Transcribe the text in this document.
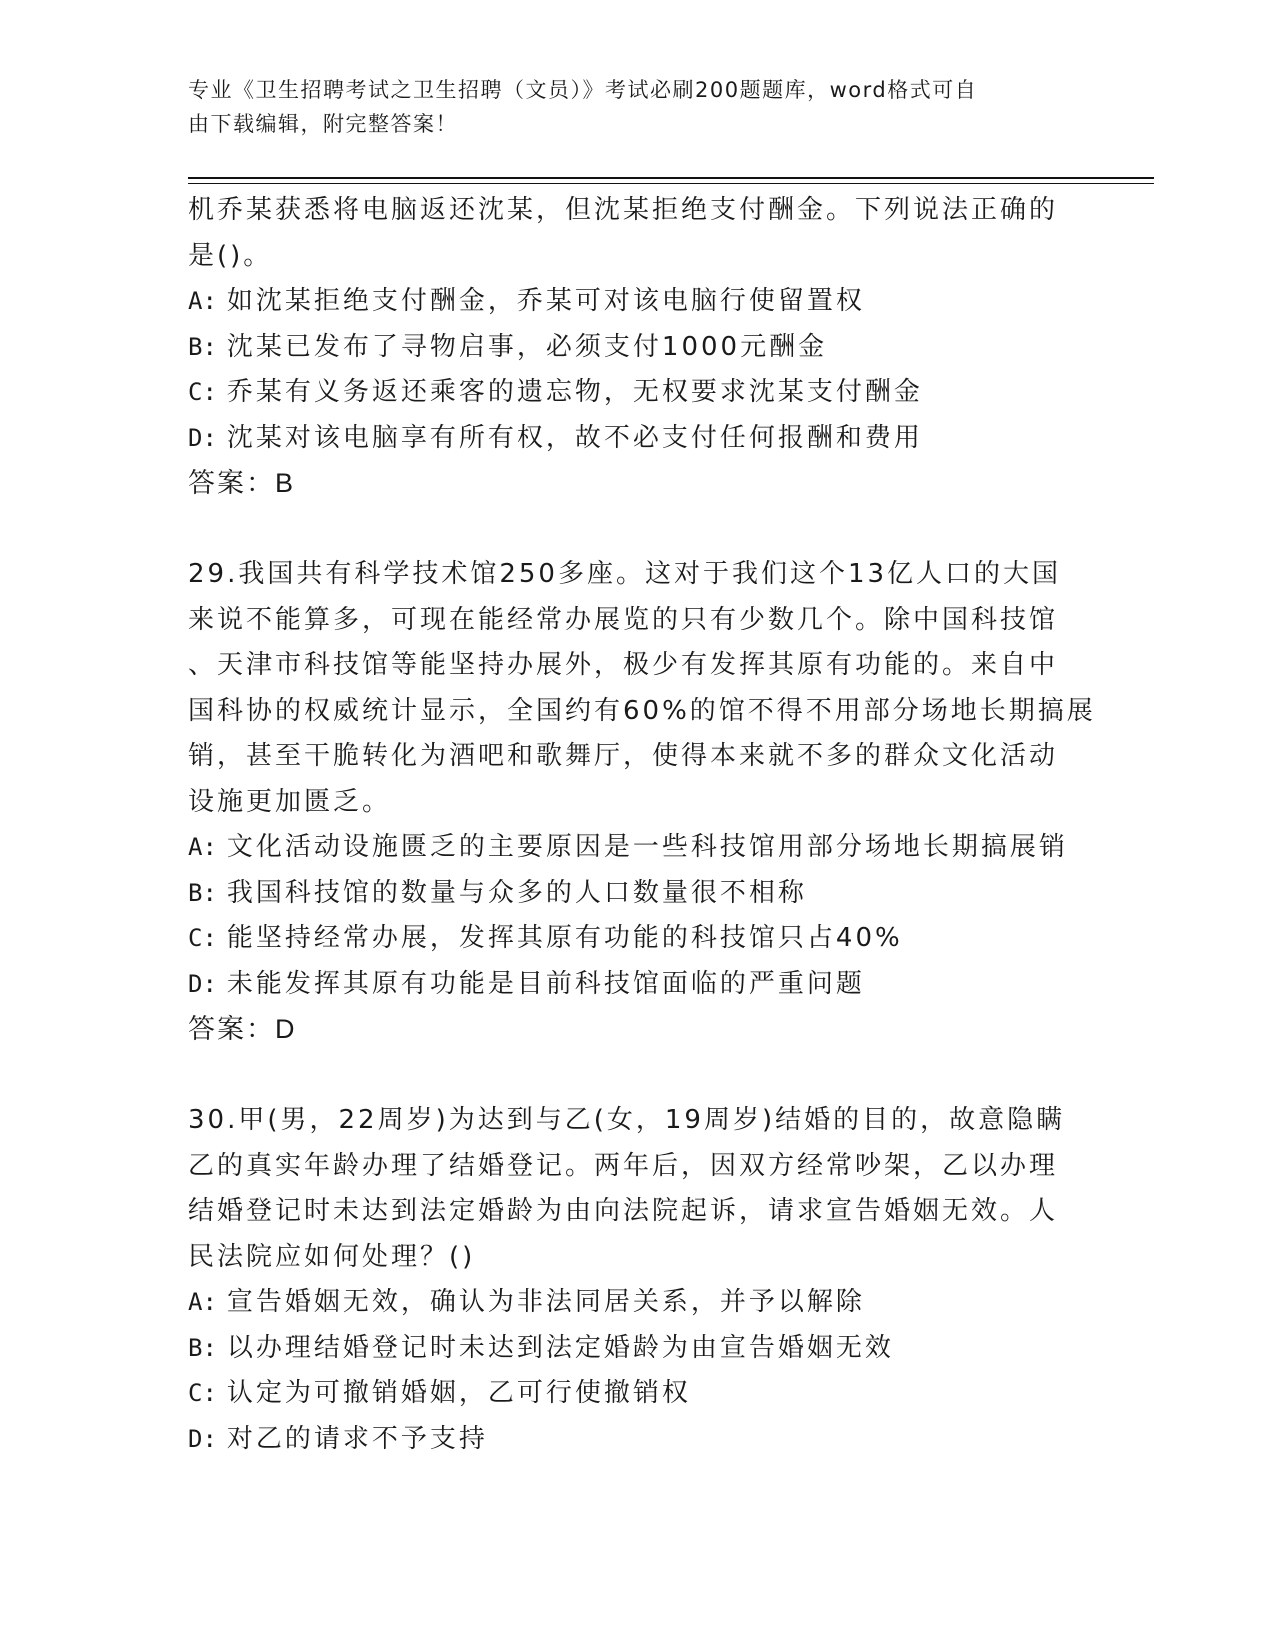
专业《卫生招聘考试之卫生招聘（文员）》考试必刷200题题库，word格式可自
由下载编辑，附完整答案！
机乔某获悉将电脑返还沈某，但沈某拒绝支付酬金。下列说法正确的
是()。
A: 如沈某拒绝支付酬金，乔某可对该电脑行使留置权
B: 沈某已发布了寻物启事，必须支付1000元酬金
C: 乔某有义务返还乘客的遗忘物，无权要求沈某支付酬金
D: 沈某对该电脑享有所有权，故不必支付任何报酬和费用
答案：B
29.我国共有科学技术馆250多座。这对于我们这个13亿人口的大国
来说不能算多，可现在能经常办展览的只有少数几个。除中国科技馆
、天津市科技馆等能坚持办展外，极少有发挥其原有功能的。来自中
国科协的权威统计显示，全国约有60%的馆不得不用部分场地长期搞展
销，甚至干脆转化为酒吧和歌舞厅，使得本来就不多的群众文化活动
设施更加匮乏。
A: 文化活动设施匮乏的主要原因是一些科技馆用部分场地长期搞展销
B: 我国科技馆的数量与众多的人口数量很不相称
C: 能坚持经常办展，发挥其原有功能的科技馆只占40%
D: 未能发挥其原有功能是目前科技馆面临的严重问题
答案：D
30.甲(男，22周岁)为达到与乙(女，19周岁)结婚的目的，故意隐瞒
乙的真实年龄办理了结婚登记。两年后，因双方经常吵架，乙以办理
结婚登记时未达到法定婚龄为由向法院起诉，请求宣告婚姻无效。人
民法院应如何处理？()
A: 宣告婚姻无效，确认为非法同居关系，并予以解除
B: 以办理结婚登记时未达到法定婚龄为由宣告婚姻无效
C: 认定为可撤销婚姻，乙可行使撤销权
D: 对乙的请求不予支持
